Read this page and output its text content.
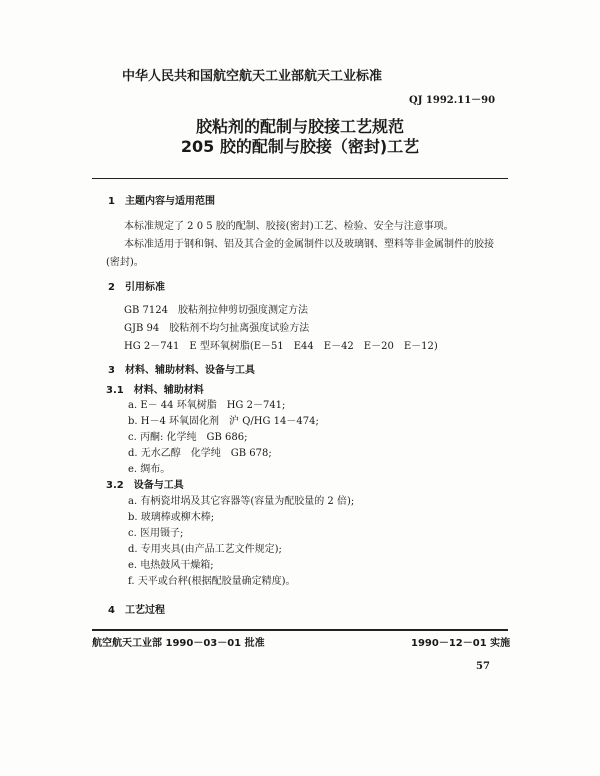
中华人民共和国航空航天工业部航天工业标准
QJ 1992.11－90
胶粘剂的配制与胶接工艺规范
205 胶的配制与胶接（密封)工艺
1　主题内容与适用范围
本标准规定了 2 0 5 胶的配制、胶接(密封)工艺、检验、安全与注意事项。
本标准适用于钢和铜、铝及其合金的金属制件以及玻璃钢、塑料等非金属制件的胶接
(密封)。
2　引用标准
GB 7124　胶粘剂拉伸剪切强度测定方法
GJB 94　胶粘剂不均匀扯离强度试验方法
HG 2－741　E 型环氧树脂(E－51　E44　E－42　E－20　E－12)
3　材料、辅助材料、设备与工具
3.1　材料、辅助材料
a. E－ 44 环氧树脂　HG 2－741;
b. H－4 环氧固化剂　沪 Q/HG 14－474;
c. 丙酮: 化学纯　GB 686;
d. 无水乙醇　化学纯　GB 678;
e. 绸布。
3.2　设备与工具
a. 有柄瓷坩埚及其它容器等(容量为配胶量的 2 倍);
b. 玻璃棒或柳木棒;
c. 医用镊子;
d. 专用夹具(由产品工艺文件规定);
e. 电热鼓风干燥箱;
f. 天平或台秤(根据配胶量确定精度)。
4　工艺过程
航空航天工业部 1990－03－01 批准	1990－12－01 实施
57
